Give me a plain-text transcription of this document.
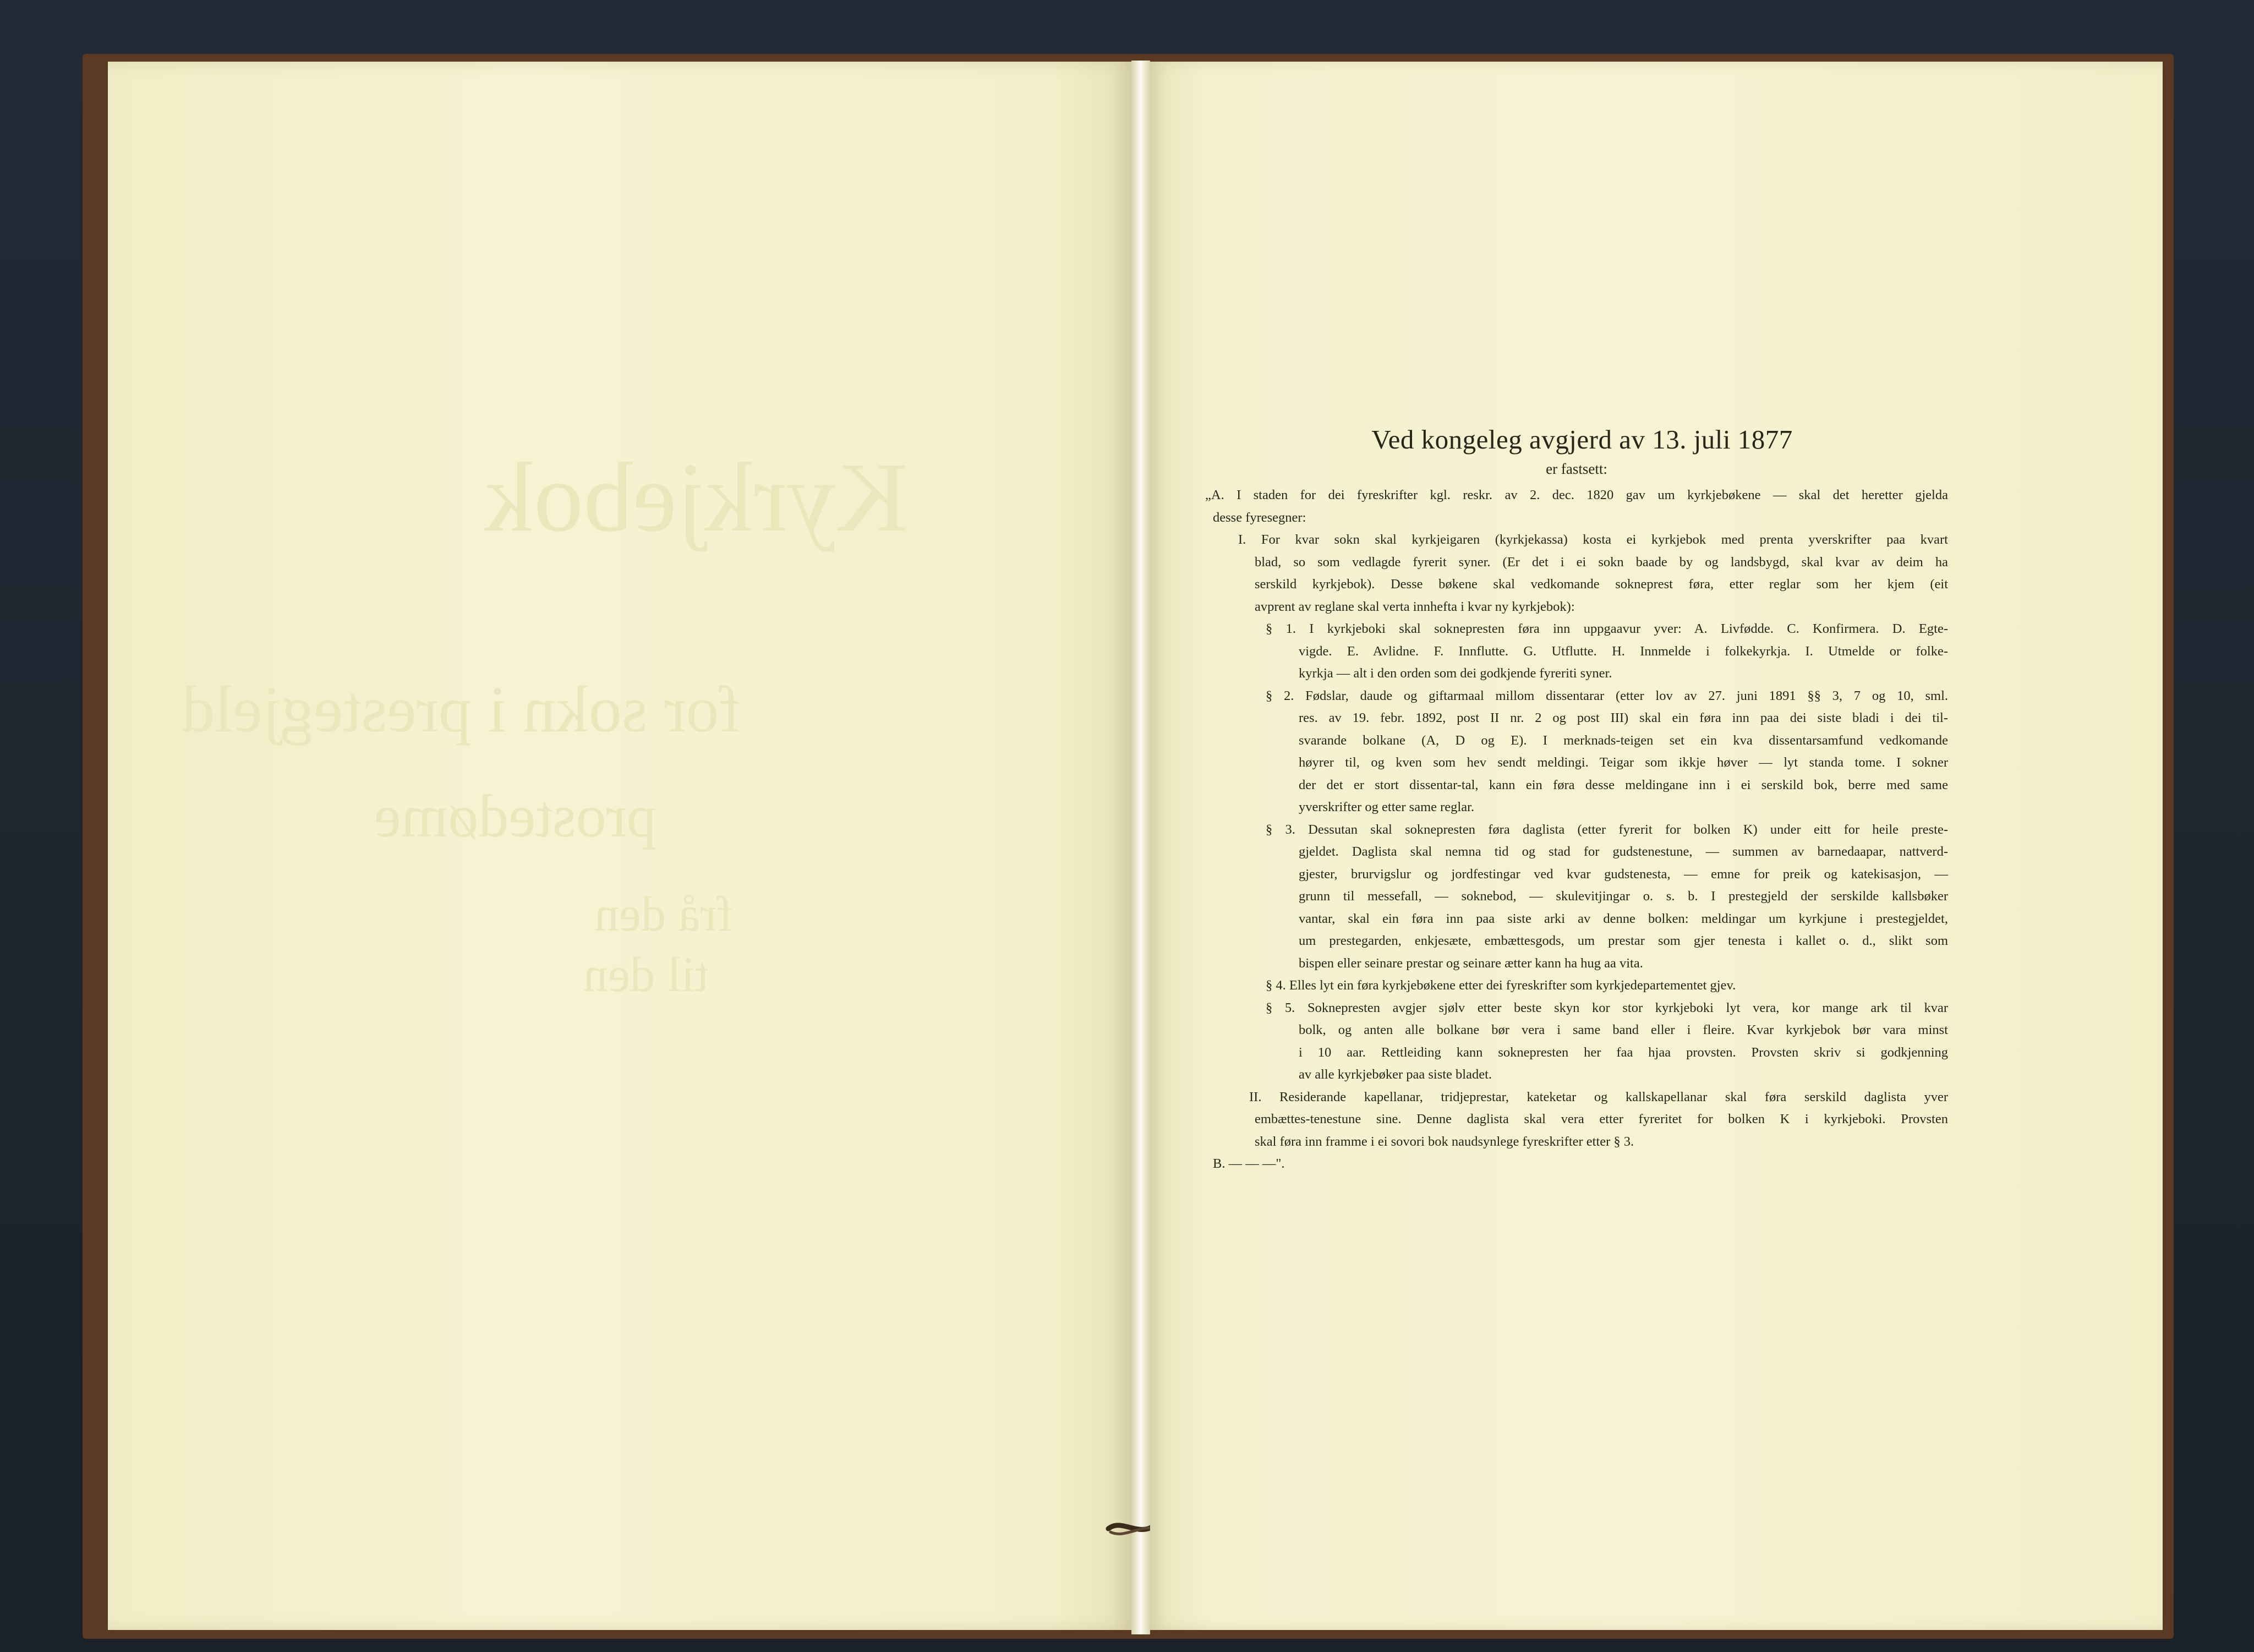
Kyrkjebok
for sokn i prestegjeld
prostedøme
frå den
til den
Ved kongeleg avgjerd av 13. juli 1877
er fastsett:
„A. I staden for dei fyreskrifter kgl. reskr. av 2. dec. 1820 gav um kyrkjebøkene — skal det heretter gjelda
desse fyresegner:
I. For kvar sokn skal kyrkjeigaren (kyrkjekassa) kosta ei kyrkjebok med prenta yverskrifter paa kvart
blad, so som vedlagde fyrerit syner. (Er det i ei sokn baade by og landsbygd, skal kvar av deim ha
serskild kyrkjebok). Desse bøkene skal vedkomande sokneprest føra, etter reglar som her kjem (eit
avprent av reglane skal verta innhefta i kvar ny kyrkjebok):
§ 1. I kyrkjeboki skal soknepresten føra inn uppgaavur yver: A. Livfødde. C. Konfirmera. D. Egte-
vigde. E. Avlidne. F. Innflutte. G. Utflutte. H. Innmelde i folkekyrkja. I. Utmelde or folke-
kyrkja — alt i den orden som dei godkjende fyreriti syner.
§ 2. Fødslar, daude og giftarmaal millom dissentarar (etter lov av 27. juni 1891 §§ 3, 7 og 10, sml.
res. av 19. febr. 1892, post II nr. 2 og post III) skal ein føra inn paa dei siste bladi i dei til-
svarande bolkane (A, D og E). I merknads-teigen set ein kva dissentarsamfund vedkomande
høyrer til, og kven som hev sendt meldingi. Teigar som ikkje høver — lyt standa tome. I sokner
der det er stort dissentar-tal, kann ein føra desse meldingane inn i ei serskild bok, berre med same
yverskrifter og etter same reglar.
§ 3. Dessutan skal soknepresten føra daglista (etter fyrerit for bolken K) under eitt for heile preste-
gjeldet. Daglista skal nemna tid og stad for gudstenestune, — summen av barnedaapar, nattverd-
gjester, brurvigslur og jordfestingar ved kvar gudstenesta, — emne for preik og katekisasjon, —
grunn til messefall, — soknebod, — skulevitjingar o. s. b. I prestegjeld der serskilde kallsbøker
vantar, skal ein føra inn paa siste arki av denne bolken: meldingar um kyrkjune i prestegjeldet,
um prestegarden, enkjesæte, embættesgods, um prestar som gjer tenesta i kallet o. d., slikt som
bispen eller seinare prestar og seinare ætter kann ha hug aa vita.
§ 4. Elles lyt ein føra kyrkjebøkene etter dei fyreskrifter som kyrkjedepartementet gjev.
§ 5. Soknepresten avgjer sjølv etter beste skyn kor stor kyrkjeboki lyt vera, kor mange ark til kvar
bolk, og anten alle bolkane bør vera i same band eller i fleire. Kvar kyrkjebok bør vara minst
i 10 aar. Rettleiding kann soknepresten her faa hjaa provsten. Provsten skriv si godkjenning
av alle kyrkjebøker paa siste bladet.
II. Residerande kapellanar, tridjeprestar, kateketar og kallskapellanar skal føra serskild daglista yver
embættes-tenestune sine. Denne daglista skal vera etter fyreritet for bolken K i kyrkjeboki. Provsten
skal føra inn framme i ei sovori bok naudsynlege fyreskrifter etter § 3.
B. — — —".
